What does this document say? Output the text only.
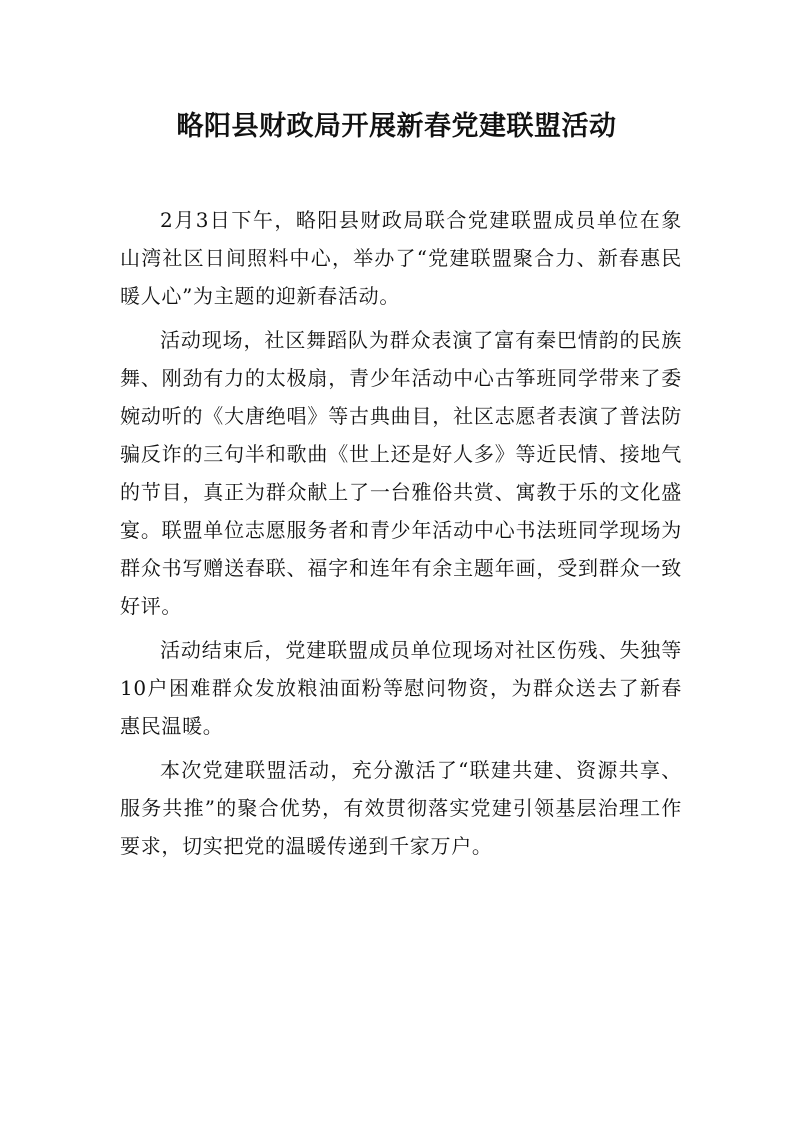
略阳县财政局开展新春党建联盟活动

2月3日下午，略阳县财政局联合党建联盟成员单位在象山湾社区日间照料中心，举办了“党建联盟聚合力、新春惠民暖人心”为主题的迎新春活动。

活动现场，社区舞蹈队为群众表演了富有秦巴情韵的民族舞、刚劲有力的太极扇，青少年活动中心古筝班同学带来了委婉动听的《大唐绝唱》等古典曲目，社区志愿者表演了普法防骗反诈的三句半和歌曲《世上还是好人多》等近民情、接地气的节目，真正为群众献上了一台雅俗共赏、寓教于乐的文化盛宴。联盟单位志愿服务者和青少年活动中心书法班同学现场为群众书写赠送春联、福字和连年有余主题年画，受到群众一致好评。

活动结束后，党建联盟成员单位现场对社区伤残、失独等10户困难群众发放粮油面粉等慰问物资，为群众送去了新春惠民温暖。

本次党建联盟活动，充分激活了“联建共建、资源共享、服务共推”的聚合优势，有效贯彻落实党建引领基层治理工作要求，切实把党的温暖传递到千家万户。
